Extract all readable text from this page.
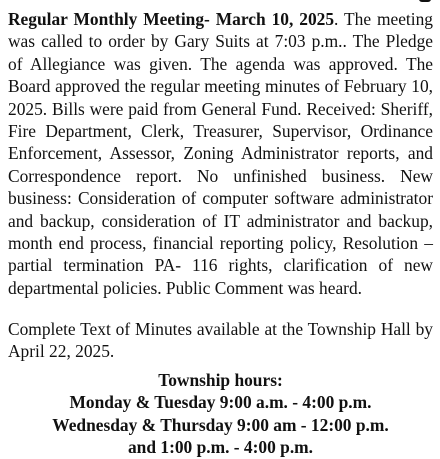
Regular Monthly Meeting- March 10, 2025. The meeting was called to order by Gary Suits at 7:03 p.m.. The Pledge of Allegiance was given. The agenda was approved. The Board approved the regular meeting minutes of February 10, 2025. Bills were paid from General Fund. Received: Sheriff, Fire Department, Clerk, Treasurer, Supervisor, Ordinance Enforcement, Assessor, Zoning Administrator reports, and Correspondence report. No unfinished business. New business: Consideration of computer software administrator and backup, consideration of IT administrator and backup, month end process, financial reporting policy, Resolution – partial termination PA- 116 rights, clarification of new departmental policies. Public Comment was heard.

Complete Text of Minutes available at the Township Hall by April 22, 2025.

Township hours:
Monday & Tuesday 9:00 a.m. - 4:00 p.m.
Wednesday & Thursday 9:00 am - 12:00 p.m.
and 1:00 p.m. - 4:00 p.m.
